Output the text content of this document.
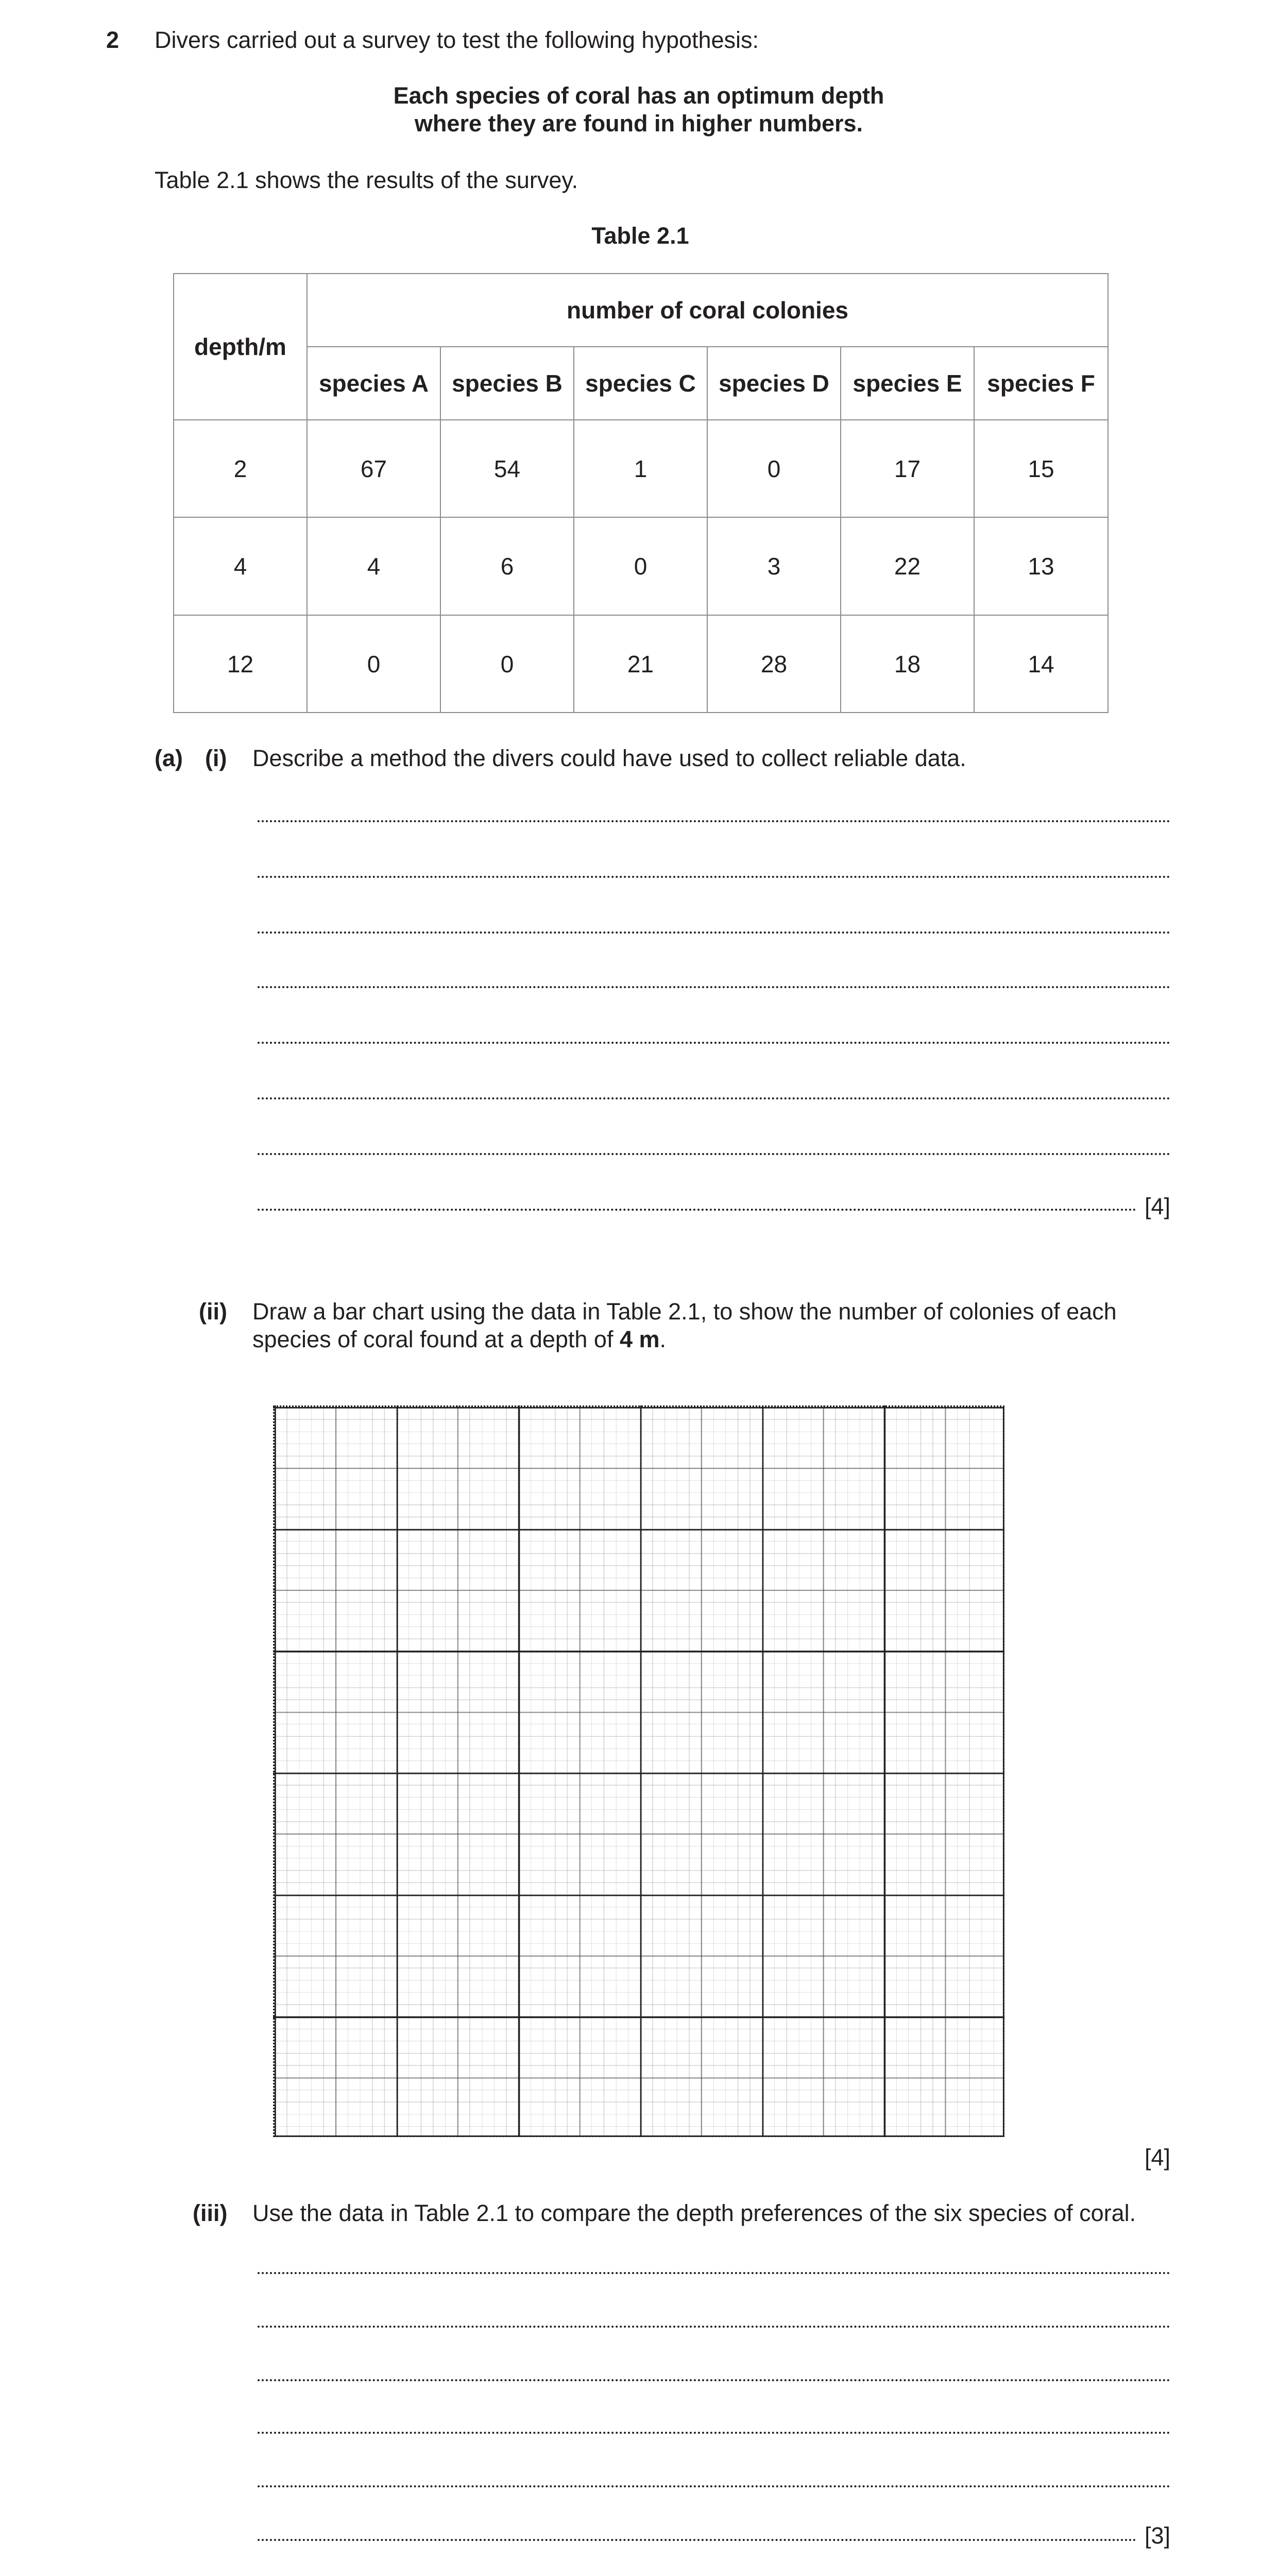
2 Divers carried out a survey to test the following hypothesis:
Each species of coral has an optimum depth
where they are found in higher numbers.
Table 2.1 shows the results of the survey.
Table 2.1
depth/m	number of coral colonies					
	species A	species B	species C	species D	species E	species F
2	67	54	1	0	17	15
4	4	6	0	3	22	13
12	0	0	21	28	18	14
(a) (i) Describe a method the divers could have used to collect reliable data.
[4]
(ii) Draw a bar chart using the data in Table 2.1, to show the number of colonies of each
species of coral found at a depth of 4 m.
[4]
(iii) Use the data in Table 2.1 to compare the depth preferences of the six species of coral.
[3]
